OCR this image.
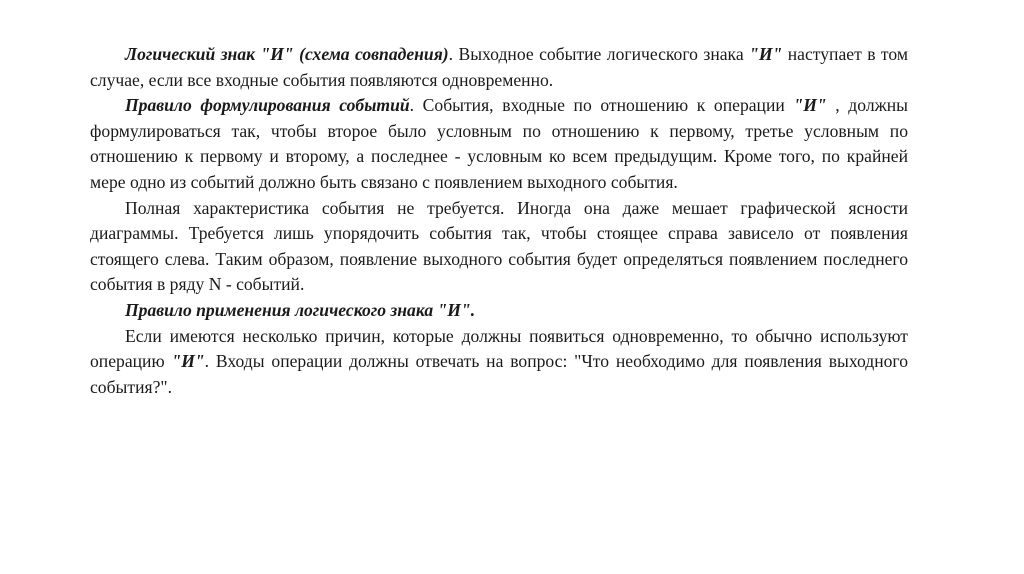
Логический знак "И" (схема совпадения). Выходное событие логического знака "И" наступает в том случае, если все входные события появляются одновременно.

Правило формулирования событий. События, входные по отношению к операции "И" , должны формулироваться так, чтобы второе было условным по отношению к первому, третье условным по отношению к первому и второму, а последнее - условным ко всем предыдущим. Кроме того, по крайней мере одно из событий должно быть связано с появлением выходного события.

Полная характеристика события не требуется. Иногда она даже мешает графической ясности диаграммы. Требуется лишь упорядочить события так, чтобы стоящее справа зависело от появления стоящего слева. Таким образом, появление выходного события будет определяться появлением последнего события в ряду N - событий.

Правило применения логического знака "И".

Если имеются несколько причин, которые должны появиться одновременно, то обычно используют операцию "И". Входы операции должны отвечать на вопрос: "Что необходимо для появления выходного события?".
